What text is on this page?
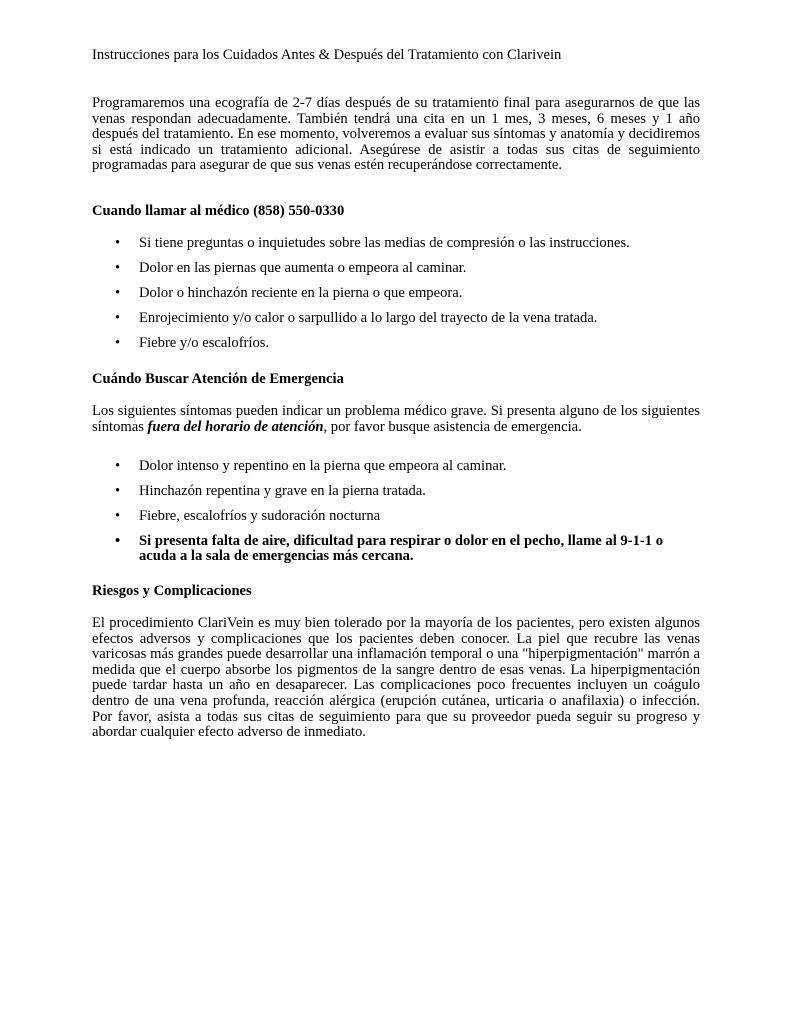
Instrucciones para los Cuidados Antes & Después del Tratamiento con Clarivein

Programaremos una ecografía de 2-7 días después de su tratamiento final para asegurarnos de que las venas respondan adecuadamente. También tendrá una cita en un 1 mes, 3 meses, 6 meses y 1 año después del tratamiento. En ese momento, volveremos a evaluar sus síntomas y anatomía y decidiremos si está indicado un tratamiento adicional. Asegúrese de asistir a todas sus citas de seguimiento programadas para asegurar de que sus venas estén recuperándose correctamente.

Cuando llamar al médico (858) 550-0330

• Si tiene preguntas o inquietudes sobre las medias de compresión o las instrucciones.
• Dolor en las piernas que aumenta o empeora al caminar.
• Dolor o hinchazón reciente en la pierna o que empeora.
• Enrojecimiento y/o calor o sarpullido a lo largo del trayecto de la vena tratada.
• Fiebre y/o escalofríos.

Cuándo Buscar Atención de Emergencia

Los siguientes síntomas pueden indicar un problema médico grave. Si presenta alguno de los siguientes síntomas fuera del horario de atención, por favor busque asistencia de emergencia.

• Dolor intenso y repentino en la pierna que empeora al caminar.
• Hinchazón repentina y grave en la pierna tratada.
• Fiebre, escalofríos y sudoración nocturna
• Si presenta falta de aire, dificultad para respirar o dolor en el pecho, llame al 9-1-1 o acuda a la sala de emergencias más cercana.

Riesgos y Complicaciones

El procedimiento ClariVein es muy bien tolerado por la mayoría de los pacientes, pero existen algunos efectos adversos y complicaciones que los pacientes deben conocer. La piel que recubre las venas varicosas más grandes puede desarrollar una inflamación temporal o una "hiperpigmentación" marrón a medida que el cuerpo absorbe los pigmentos de la sangre dentro de esas venas. La hiperpigmentación puede tardar hasta un año en desaparecer. Las complicaciones poco frecuentes incluyen un coágulo dentro de una vena profunda, reacción alérgica (erupción cutánea, urticaria o anafilaxia) o infección. Por favor, asista a todas sus citas de seguimiento para que su proveedor pueda seguir su progreso y abordar cualquier efecto adverso de inmediato.
